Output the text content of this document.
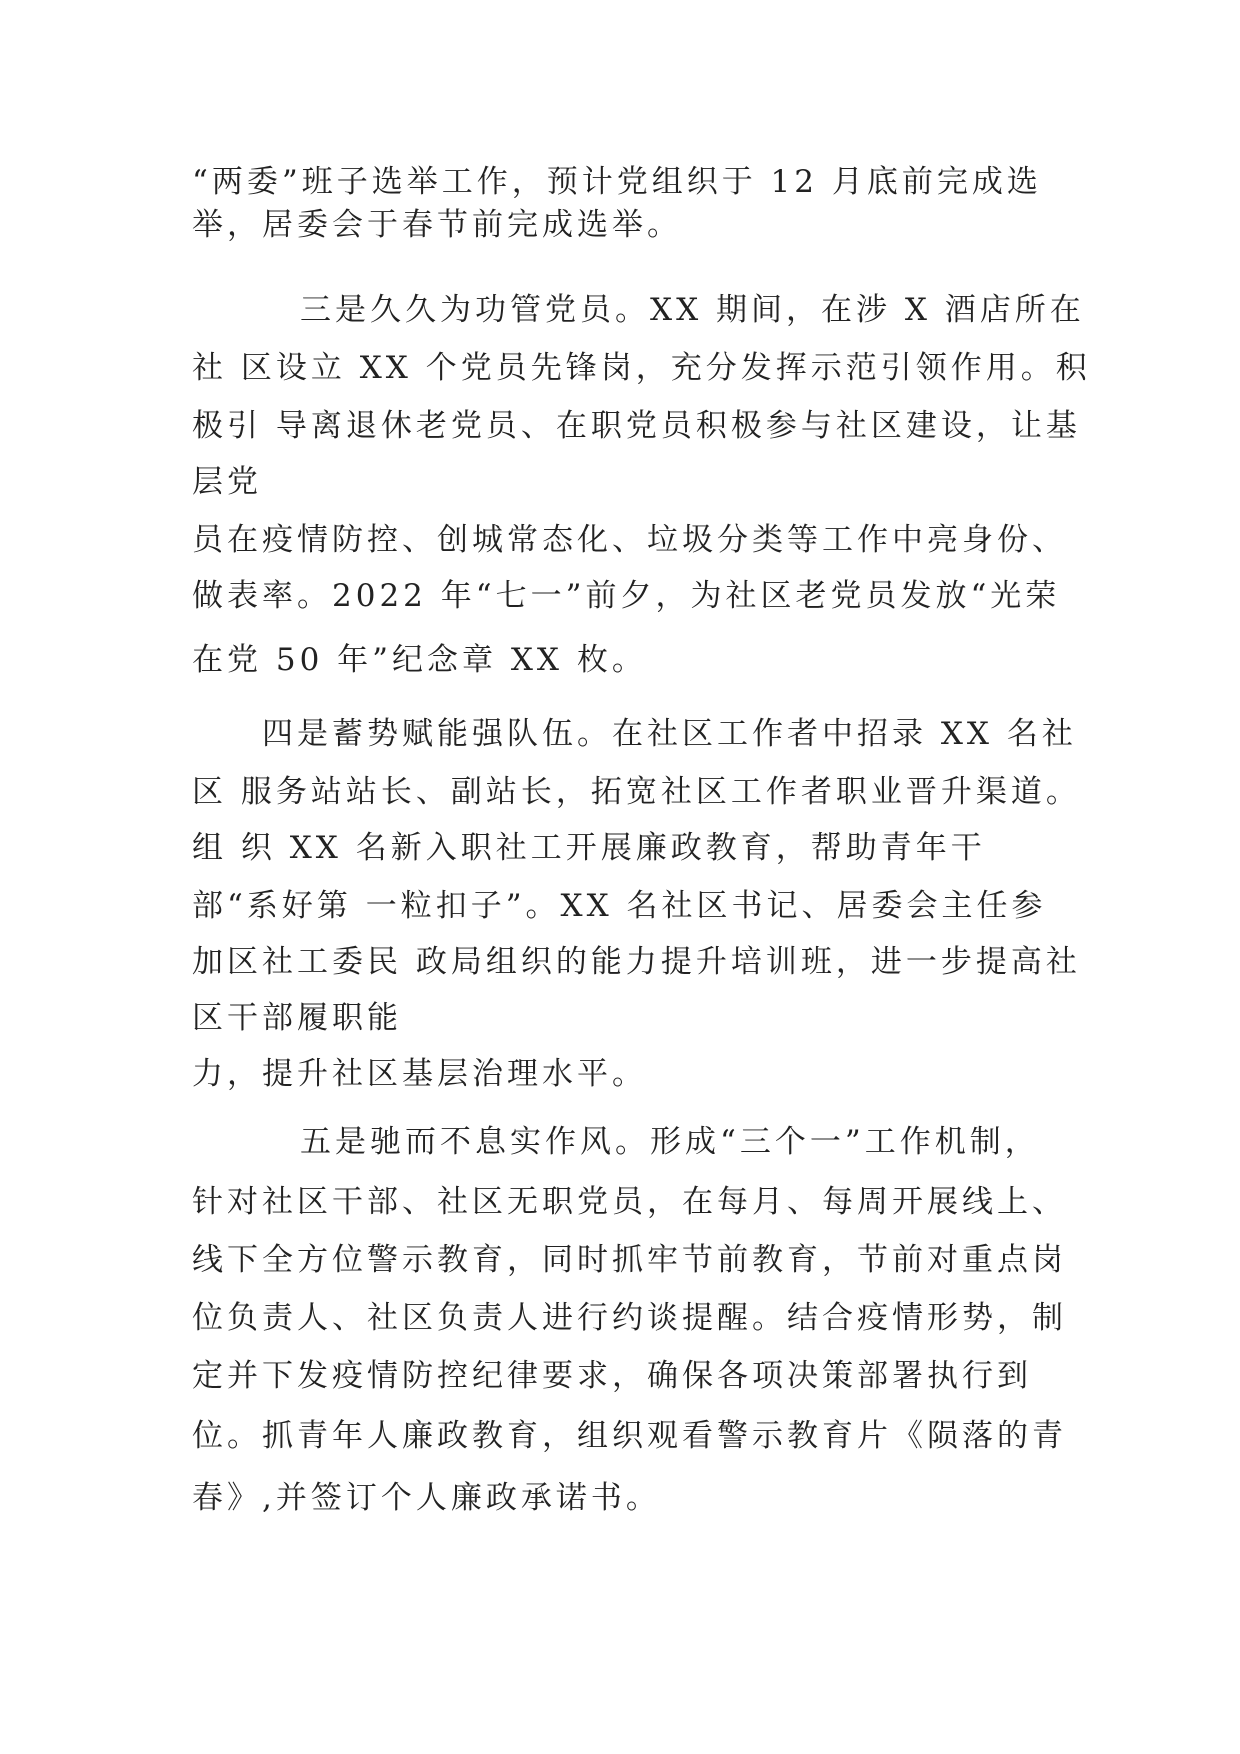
“两委”班子选举工作，预计党组织于 12 月底前完成选
举，居委会于春节前完成选举。
三是久久为功管党员。XX 期间，在涉 X 酒店所在
社 区设立 XX 个党员先锋岗，充分发挥示范引领作用。积
极引 导离退休老党员、在职党员积极参与社区建设，让基
层党
员在疫情防控、创城常态化、垃圾分类等工作中亮身份、
做表率。2022 年“七一”前夕，为社区老党员发放“光荣
在党 50 年”纪念章 XX 枚。
四是蓄势赋能强队伍。在社区工作者中招录 XX 名社
区 服务站站长、副站长，拓宽社区工作者职业晋升渠道。
组 织 XX 名新入职社工开展廉政教育，帮助青年干
部“系好第 一粒扣子”。XX 名社区书记、居委会主任参
加区社工委民 政局组织的能力提升培训班，进一步提高社
区干部履职能
力，提升社区基层治理水平。
五是驰而不息实作风。形成“三个一”工作机制，
针对社区干部、社区无职党员，在每月、每周开展线上、
线下全方位警示教育，同时抓牢节前教育，节前对重点岗
位负责人、社区负责人进行约谈提醒。结合疫情形势，制
定并下发疫情防控纪律要求，确保各项决策部署执行到
位。抓青年人廉政教育，组织观看警示教育片《陨落的青
春》,并签订个人廉政承诺书。
